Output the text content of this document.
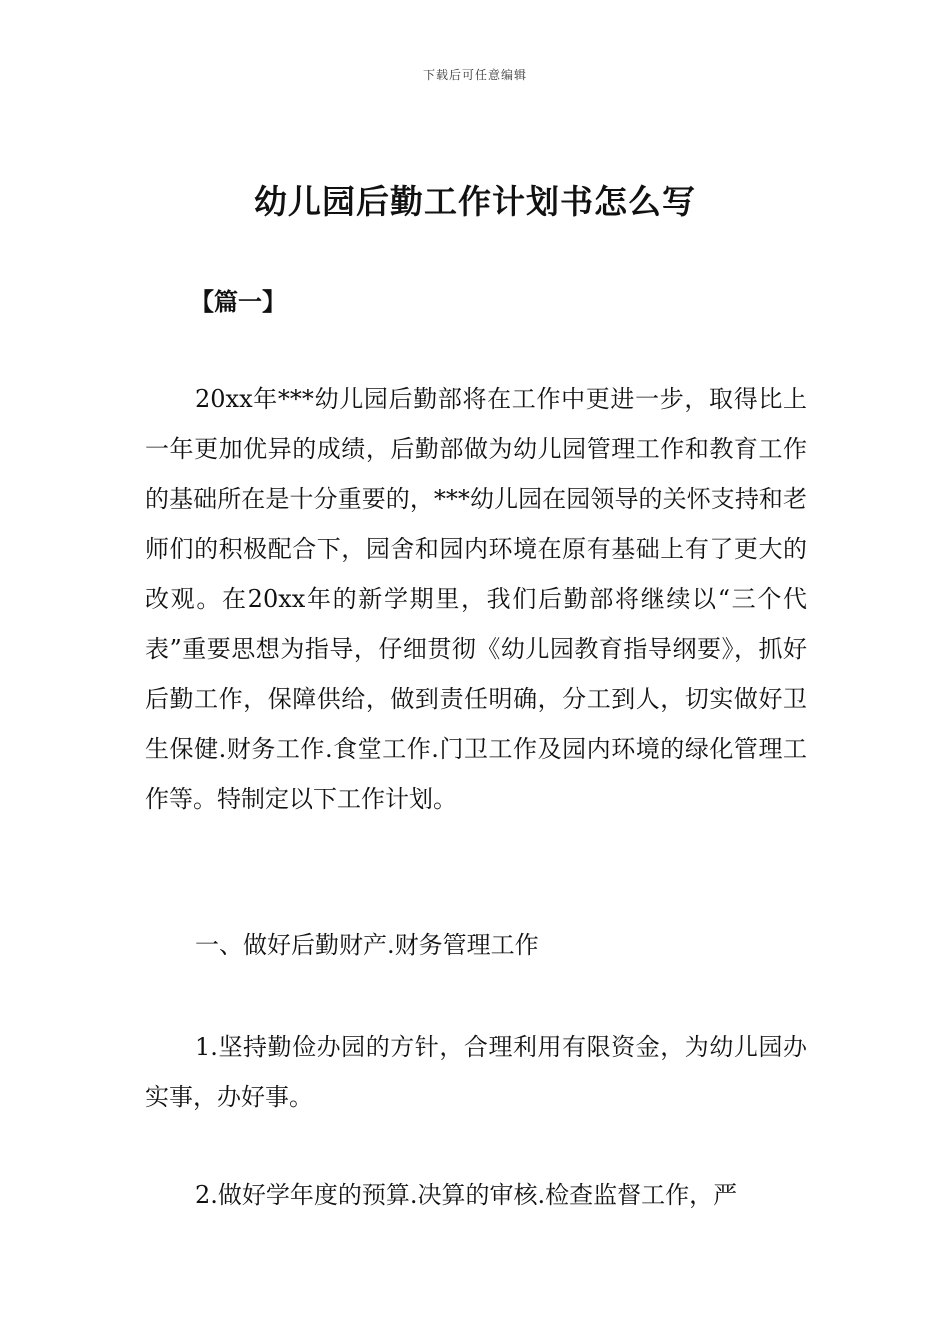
下载后可任意编辑
幼儿园后勤工作计划书怎么写
【篇一】

20xx年***幼儿园后勤部将在工作中更进一步，取得比上一年更加优异的成绩，后勤部做为幼儿园管理工作和教育工作的基础所在是十分重要的，***幼儿园在园领导的关怀支持和老师们的积极配合下，园舍和园内环境在原有基础上有了更大的改观。在20xx年的新学期里，我们后勤部将继续以“三个代表”重要思想为指导，仔细贯彻《幼儿园教育指导纲要》，抓好后勤工作，保障供给，做到责任明确，分工到人，切实做好卫生保健.财务工作.食堂工作.门卫工作及园内环境的绿化管理工作等。特制定以下工作计划。

一、做好后勤财产.财务管理工作

1.坚持勤俭办园的方针，合理利用有限资金，为幼儿园办实事，办好事。

2.做好学年度的预算.决算的审核.检查监督工作，严
